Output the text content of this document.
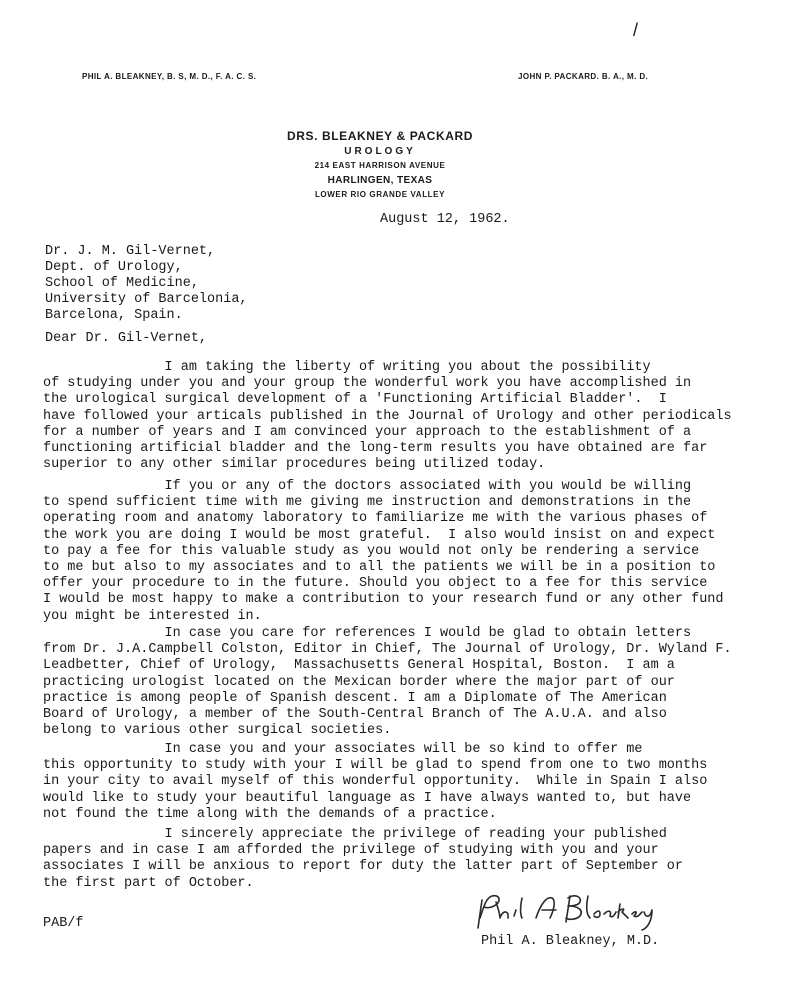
/
PHIL A. BLEAKNEY, B. S, M. D., F. A. C. S.	JOHN P. PACKARD. B. A., M. D.
DRS. BLEAKNEY & PACKARD
UROLOGY
214 EAST HARRISON AVENUE
HARLINGEN, TEXAS
LOWER RIO GRANDE VALLEY
August 12, 1962.
Dr. J. M. Gil-Vernet,
Dept. of Urology,
School of Medicine,
University of Barcelonia,
Barcelona, Spain.
Dear Dr. Gil-Vernet,
I am taking the liberty of writing you about the possibility
of studying under you and your group the wonderful work you have accomplished in
the urological surgical development of a 'Functioning Artificial Bladder'.  I
have followed your articals published in the Journal of Urology and other periodicals
for a number of years and I am convinced your approach to the establishment of a
functioning artificial bladder and the long-term results you have obtained are far
superior to any other similar procedures being utilized today.
If you or any of the doctors associated with you would be willing
to spend sufficient time with me giving me instruction and demonstrations in the
operating room and anatomy laboratory to familiarize me with the various phases of
the work you are doing I would be most grateful.  I also would insist on and expect
to pay a fee for this valuable study as you would not only be rendering a service
to me but also to my associates and to all the patients we will be in a position to
offer your procedure to in the future. Should you object to a fee for this service
I would be most happy to make a contribution to your research fund or any other fund
you might be interested in.
In case you care for references I would be glad to obtain letters
from Dr. J.A.Campbell Colston, Editor in Chief, The Journal of Urology, Dr. Wyland F.
Leadbetter, Chief of Urology,  Massachusetts General Hospital, Boston.  I am a
practicing urologist located on the Mexican border where the major part of our
practice is among people of Spanish descent. I am a Diplomate of The American
Board of Urology, a member of the South-Central Branch of The A.U.A. and also
belong to various other surgical societies.
In case you and your associates will be so kind to offer me
this opportunity to study with your I will be glad to spend from one to two months
in your city to avail myself of this wonderful opportunity.  While in Spain I also
would like to study your beautiful language as I have always wanted to, but have
not found the time along with the demands of a practice.
I sincerely appreciate the privilege of reading your published
papers and in case I am afforded the privilege of studying with you and your
associates I will be anxious to report for duty the latter part of September or
the first part of October.
PAB/f
Phil A. Bleakney, M.D.
